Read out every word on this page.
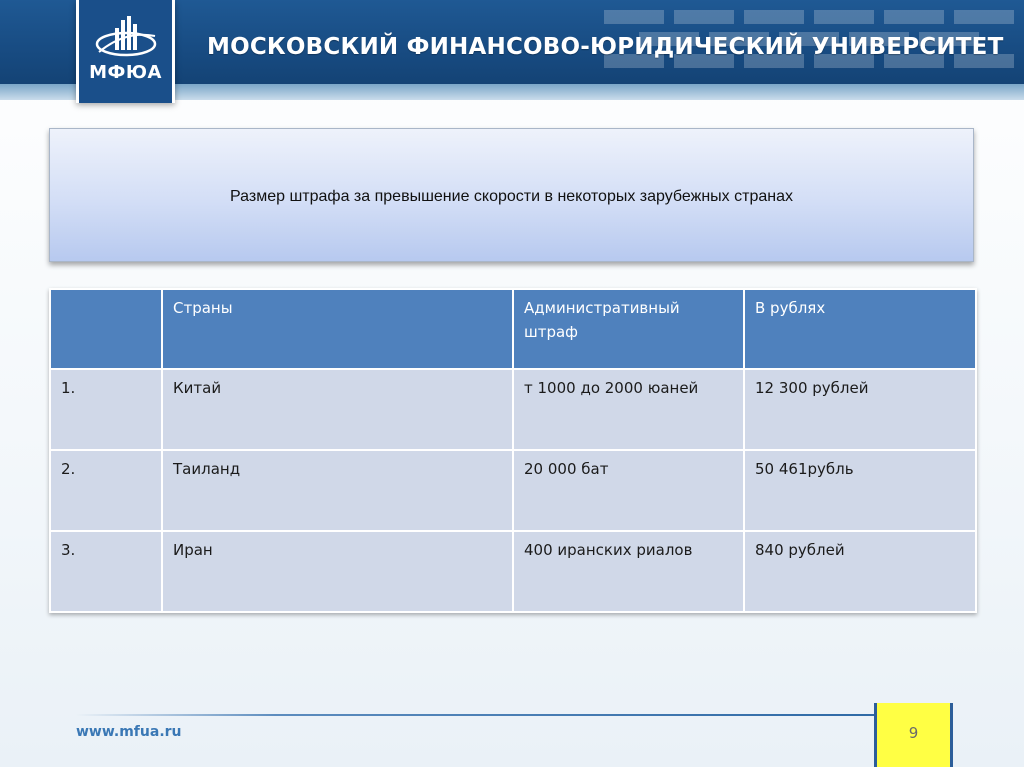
МОСКОВСКИЙ ФИНАНСОВО-ЮРИДИЧЕСКИЙ УНИВЕРСИТЕТ
МФЮА
Размер штрафа за превышение скорости в некоторых зарубежных странах
	Страны	Административный штраф	В рублях
1.	Китай	т 1000 до 2000 юаней	12 300 рублей
2.	Таиланд	20 000 бат	50 461рубль
3.	Иран	400 иранских риалов	840 рублей
www.mfua.ru	9
